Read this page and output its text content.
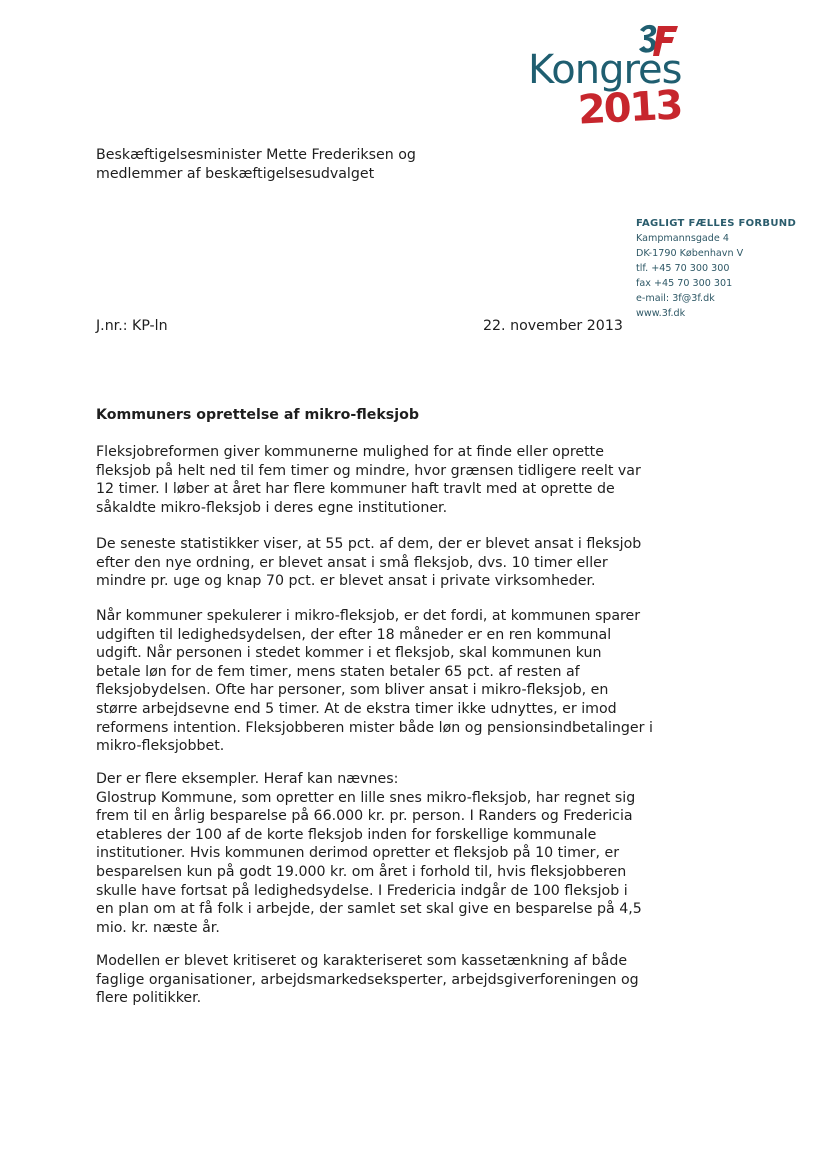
Kongres
2013
Beskæftigelsesminister Mette Frederiksen og
medlemmer af beskæftigelsesudvalget
FAGLIGT FÆLLES FORBUND
Kampmannsgade 4
DK-1790 København V
tlf. +45 70 300 300
fax +45 70 300 301
e-mail: 3f@3f.dk
www.3f.dk
J.nr.: KP-ln	22. november 2013
Kommuners oprettelse af mikro-fleksjob
Fleksjobreformen giver kommunerne mulighed for at finde eller oprette
fleksjob på helt ned til fem timer og mindre, hvor grænsen tidligere reelt var
12 timer. I løber at året har flere kommuner haft travlt med at oprette de
såkaldte mikro-fleksjob i deres egne institutioner.
De seneste statistikker viser, at 55 pct. af dem, der er blevet ansat i fleksjob
efter den nye ordning, er blevet ansat i små fleksjob, dvs. 10 timer eller
mindre pr. uge og knap 70 pct. er blevet ansat i private virksomheder.
Når kommuner spekulerer i mikro-fleksjob, er det fordi, at kommunen sparer
udgiften til ledighedsydelsen, der efter 18 måneder er en ren kommunal
udgift. Når personen i stedet kommer i et fleksjob, skal kommunen kun
betale løn for de fem timer, mens staten betaler 65 pct. af resten af
fleksjobydelsen. Ofte har personer, som bliver ansat i mikro-fleksjob, en
større arbejdsevne end 5 timer. At de ekstra timer ikke udnyttes, er imod
reformens intention. Fleksjobberen mister både løn og pensionsindbetalinger i
mikro-fleksjobbet.
Der er flere eksempler. Heraf kan nævnes:
Glostrup Kommune, som opretter en lille snes mikro-fleksjob, har regnet sig
frem til en årlig besparelse på 66.000 kr. pr. person. I Randers og Fredericia
etableres der 100 af de korte fleksjob inden for forskellige kommunale
institutioner. Hvis kommunen derimod opretter et fleksjob på 10 timer, er
besparelsen kun på godt 19.000 kr. om året i forhold til, hvis fleksjobberen
skulle have fortsat på ledighedsydelse. I Fredericia indgår de 100 fleksjob i
en plan om at få folk i arbejde, der samlet set skal give en besparelse på 4,5
mio. kr. næste år.
Modellen er blevet kritiseret og karakteriseret som kassetænkning af både
faglige organisationer, arbejdsmarkedseksperter, arbejdsgiverforeningen og
flere politikker.
